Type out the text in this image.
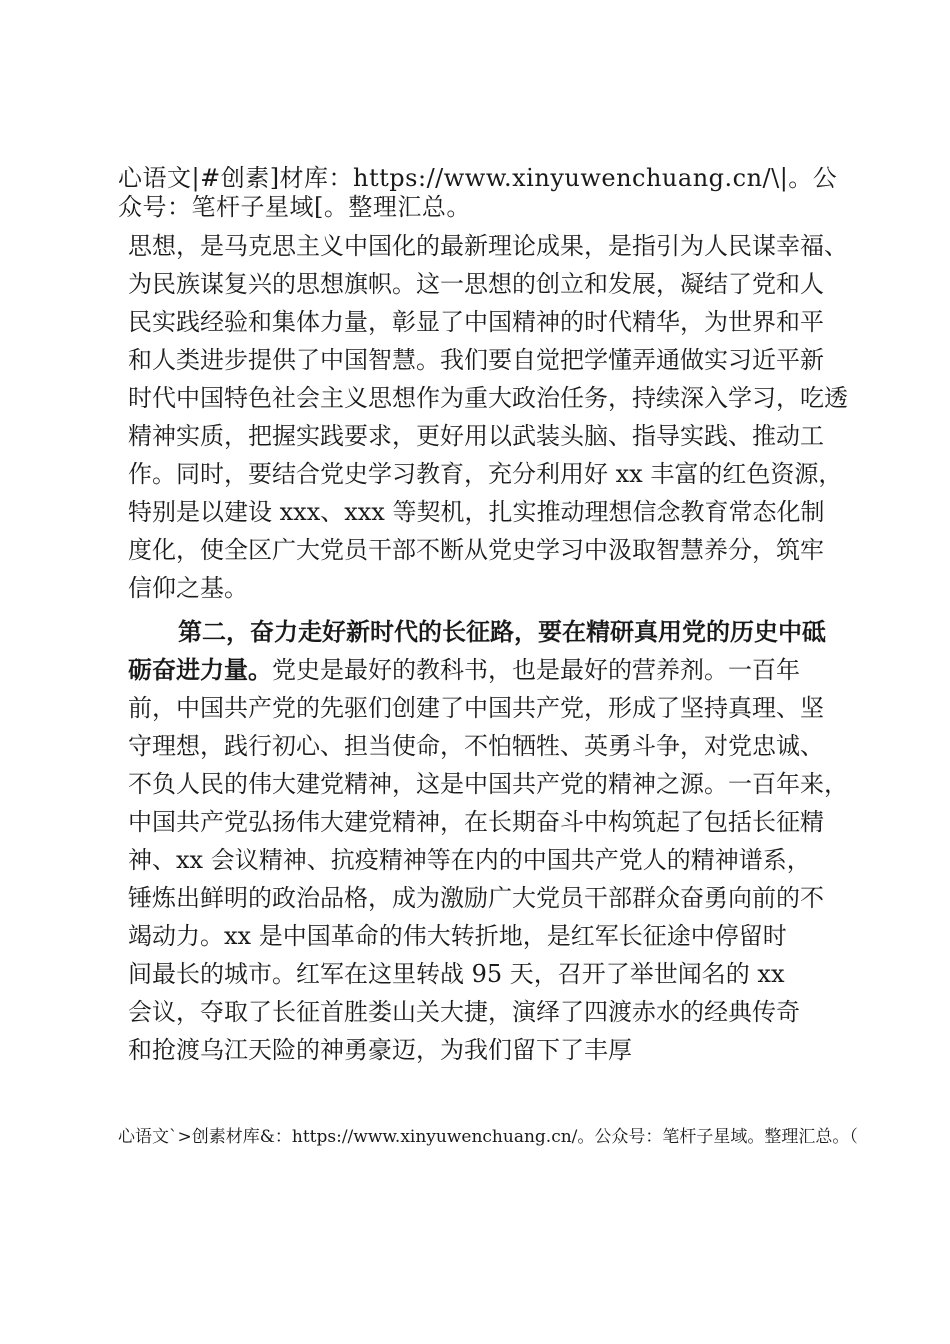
心语文|#创素]材库：https://www.xinyuwenchuang.cn/\|。公众号：笔杆子星域[。整理汇总。
思想，是马克思主义中国化的最新理论成果，是指引为人民谋幸福、
为民族谋复兴的思想旗帜。这一思想的创立和发展，凝结了党和人
民实践经验和集体力量，彰显了中国精神的时代精华，为世界和平
和人类进步提供了中国智慧。我们要自觉把学懂弄通做实习近平新
时代中国特色社会主义思想作为重大政治任务，持续深入学习，吃透
精神实质，把握实践要求，更好用以武装头脑、指导实践、推动工
作。同时，要结合党史学习教育，充分利用好 xx 丰富的红色资源，
特别是以建设 xxx、xxx 等契机，扎实推动理想信念教育常态化制
度化，使全区广大党员干部不断从党史学习中汲取智慧养分，筑牢
信仰之基。
第二，奋力走好新时代的长征路，要在精研真用党的历史中砥
砺奋进力量。党史是最好的教科书，也是最好的营养剂。一百年
前，中国共产党的先驱们创建了中国共产党，形成了坚持真理、坚
守理想，践行初心、担当使命，不怕牺牲、英勇斗争，对党忠诚、
不负人民的伟大建党精神，这是中国共产党的精神之源。一百年来，
中国共产党弘扬伟大建党精神，在长期奋斗中构筑起了包括长征精
神、xx 会议精神、抗疫精神等在内的中国共产党人的精神谱系，
锤炼出鲜明的政治品格，成为激励广大党员干部群众奋勇向前的不
竭动力。xx 是中国革命的伟大转折地，是红军长征途中停留时
间最长的城市。红军在这里转战 95 天，召开了举世闻名的 xx
会议，夺取了长征首胜娄山关大捷，演绎了四渡赤水的经典传奇
和抢渡乌江天险的神勇豪迈，为我们留下了丰厚
心语文`>创素材库&：https://www.xinyuwenchuang.cn/。公众号：笔杆子星域。整理汇总。（
